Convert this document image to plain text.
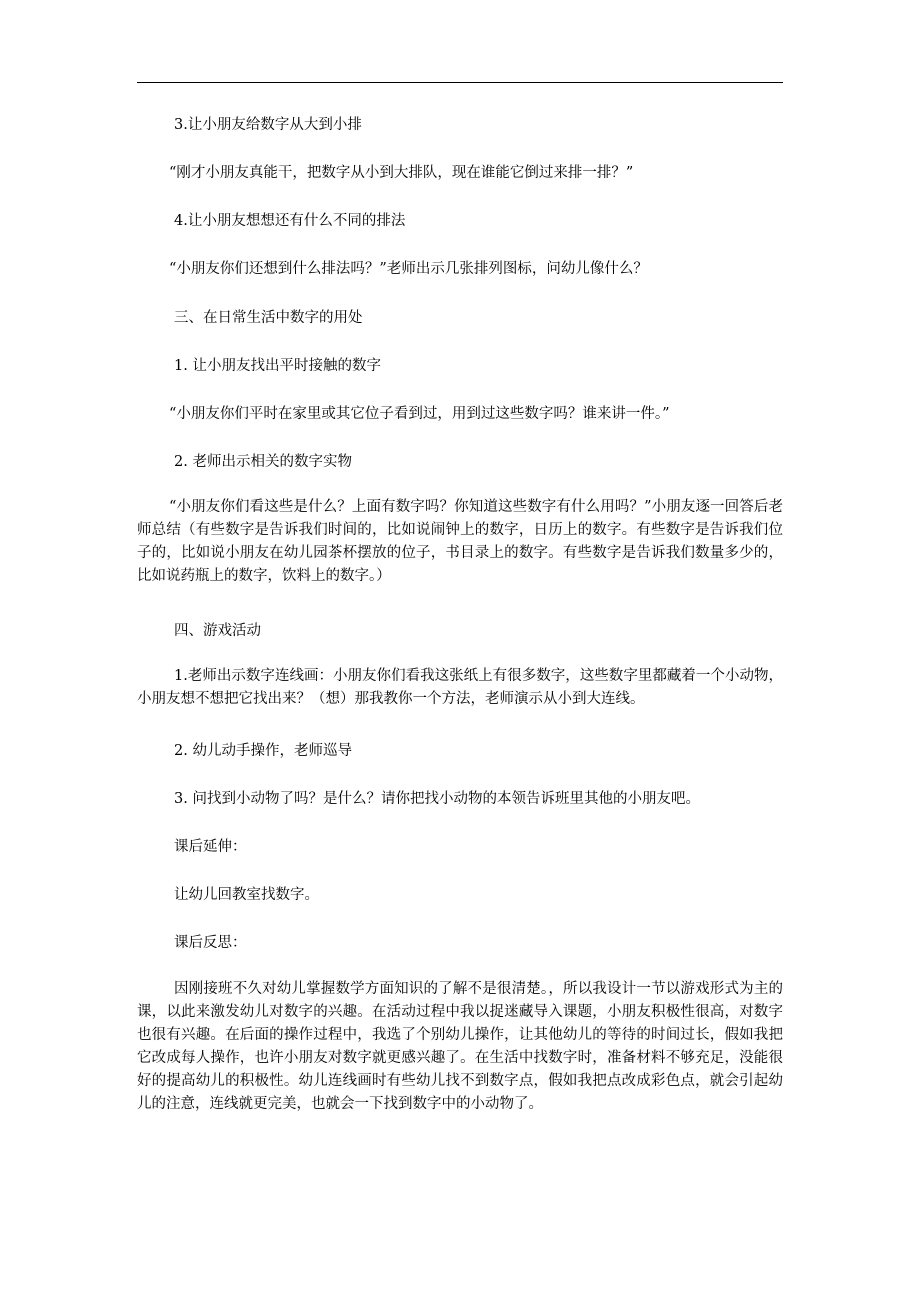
3.让小朋友给数字从大到小排

“刚才小朋友真能干，把数字从小到大排队，现在谁能它倒过来排一排？”

4.让小朋友想想还有什么不同的排法

“小朋友你们还想到什么排法吗？”老师出示几张排列图标，问幼儿像什么？

三、在日常生活中数字的用处

1. 让小朋友找出平时接触的数字

“小朋友你们平时在家里或其它位子看到过，用到过这些数字吗？谁来讲一件。”

2. 老师出示相关的数字实物

“小朋友你们看这些是什么？上面有数字吗？你知道这些数字有什么用吗？”小朋友逐一回答后老师总结（有些数字是告诉我们时间的，比如说闹钟上的数字，日历上的数字。有些数字是告诉我们位子的，比如说小朋友在幼儿园茶杯摆放的位子，书目录上的数字。有些数字是告诉我们数量多少的，比如说药瓶上的数字，饮料上的数字。）

四、游戏活动

1.老师出示数字连线画：小朋友你们看我这张纸上有很多数字，这些数字里都藏着一个小动物，小朋友想不想把它找出来？（想）那我教你一个方法，老师演示从小到大连线。

2. 幼儿动手操作，老师巡导

3. 问找到小动物了吗？是什么？请你把找小动物的本领告诉班里其他的小朋友吧。

课后延伸：

让幼儿回教室找数字。

课后反思：

因刚接班不久对幼儿掌握数学方面知识的了解不是很清楚。，所以我设计一节以游戏形式为主的课，以此来激发幼儿对数字的兴趣。在活动过程中我以捉迷藏导入课题，小朋友积极性很高，对数字也很有兴趣。在后面的操作过程中，我选了个别幼儿操作，让其他幼儿的等待的时间过长，假如我把它改成每人操作，也许小朋友对数字就更感兴趣了。在生活中找数字时，准备材料不够充足，没能很好的提高幼儿的积极性。幼儿连线画时有些幼儿找不到数字点，假如我把点改成彩色点，就会引起幼儿的注意，连线就更完美，也就会一下找到数字中的小动物了。
